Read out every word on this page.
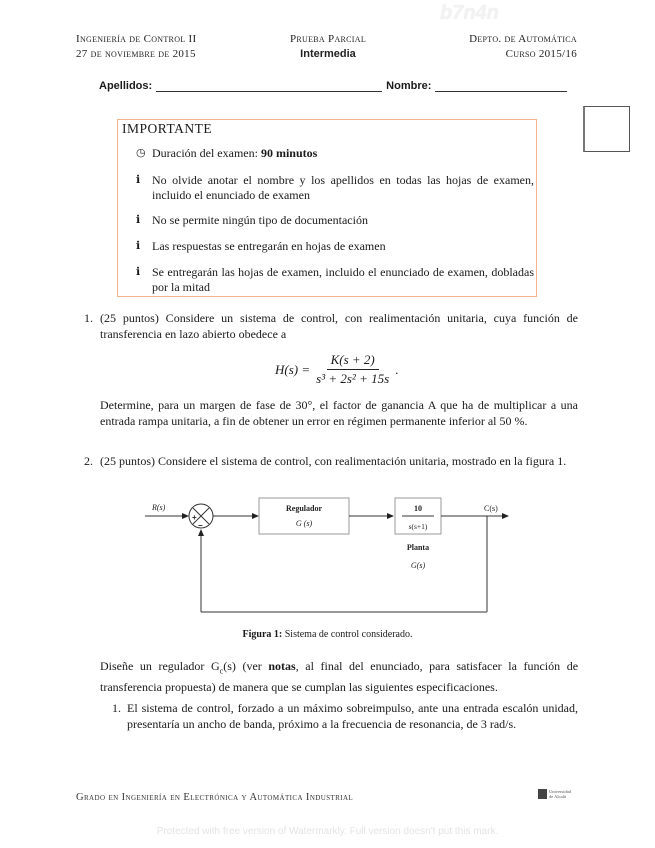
b7n4n
Ingeniería de Control II
27 de noviembre de 2015
Prueba Parcial
Intermedia
Depto. de Automática
Curso 2015/16
Apellidos:	Nombre:
IMPORTANTE
◷ Duración del examen: 90 minutos
ℹ No olvide anotar el nombre y los apellidos en todas las hojas de examen, incluido el enunciado de examen
ℹ No se permite ningún tipo de documentación
ℹ Las respuestas se entregarán en hojas de examen
ℹ Se entregarán las hojas de examen, incluido el enunciado de examen, dobladas por la mitad
1. (25 puntos) Considere un sistema de control, con realimentación unitaria, cuya función de transferencia en lazo abierto obedece a
$H(s) = \frac{K(s + 2)}{\text{s³ + 2s² + 15s}}$ .
Determine, para un margen de fase de 30°, el factor de ganancia A que ha de multiplicar a una entrada rampa unitaria, a fin de obtener un error en régimen permanente inferior al 50 %.
2. (25 puntos) Considere el sistema de control, con realimentación unitaria, mostrado en la figura 1.
R(s)
+
−
Regulador
G (s)
10
s(s+1)
Planta
G(s)
C(s)
Figura 1: Sistema de control considerado.
Diseñe un regulador $G_c(s)$ (ver notas, al final del enunciado, para satisfacer la función de transferencia propuesta) de manera que se cumplan las siguientes especificaciones.
1. El sistema de control, forzado a un máximo sobreimpulso, ante una entrada escalón unidad, presentaría un ancho de banda, próximo a la frecuencia de resonancia, de 3 rad/s.
Grado en Ingeniería en Electrónica y Automática Industrial
Universidad
de Alcalá
Protected with free version of Watermarkly. Full version doesn't put this mark.
